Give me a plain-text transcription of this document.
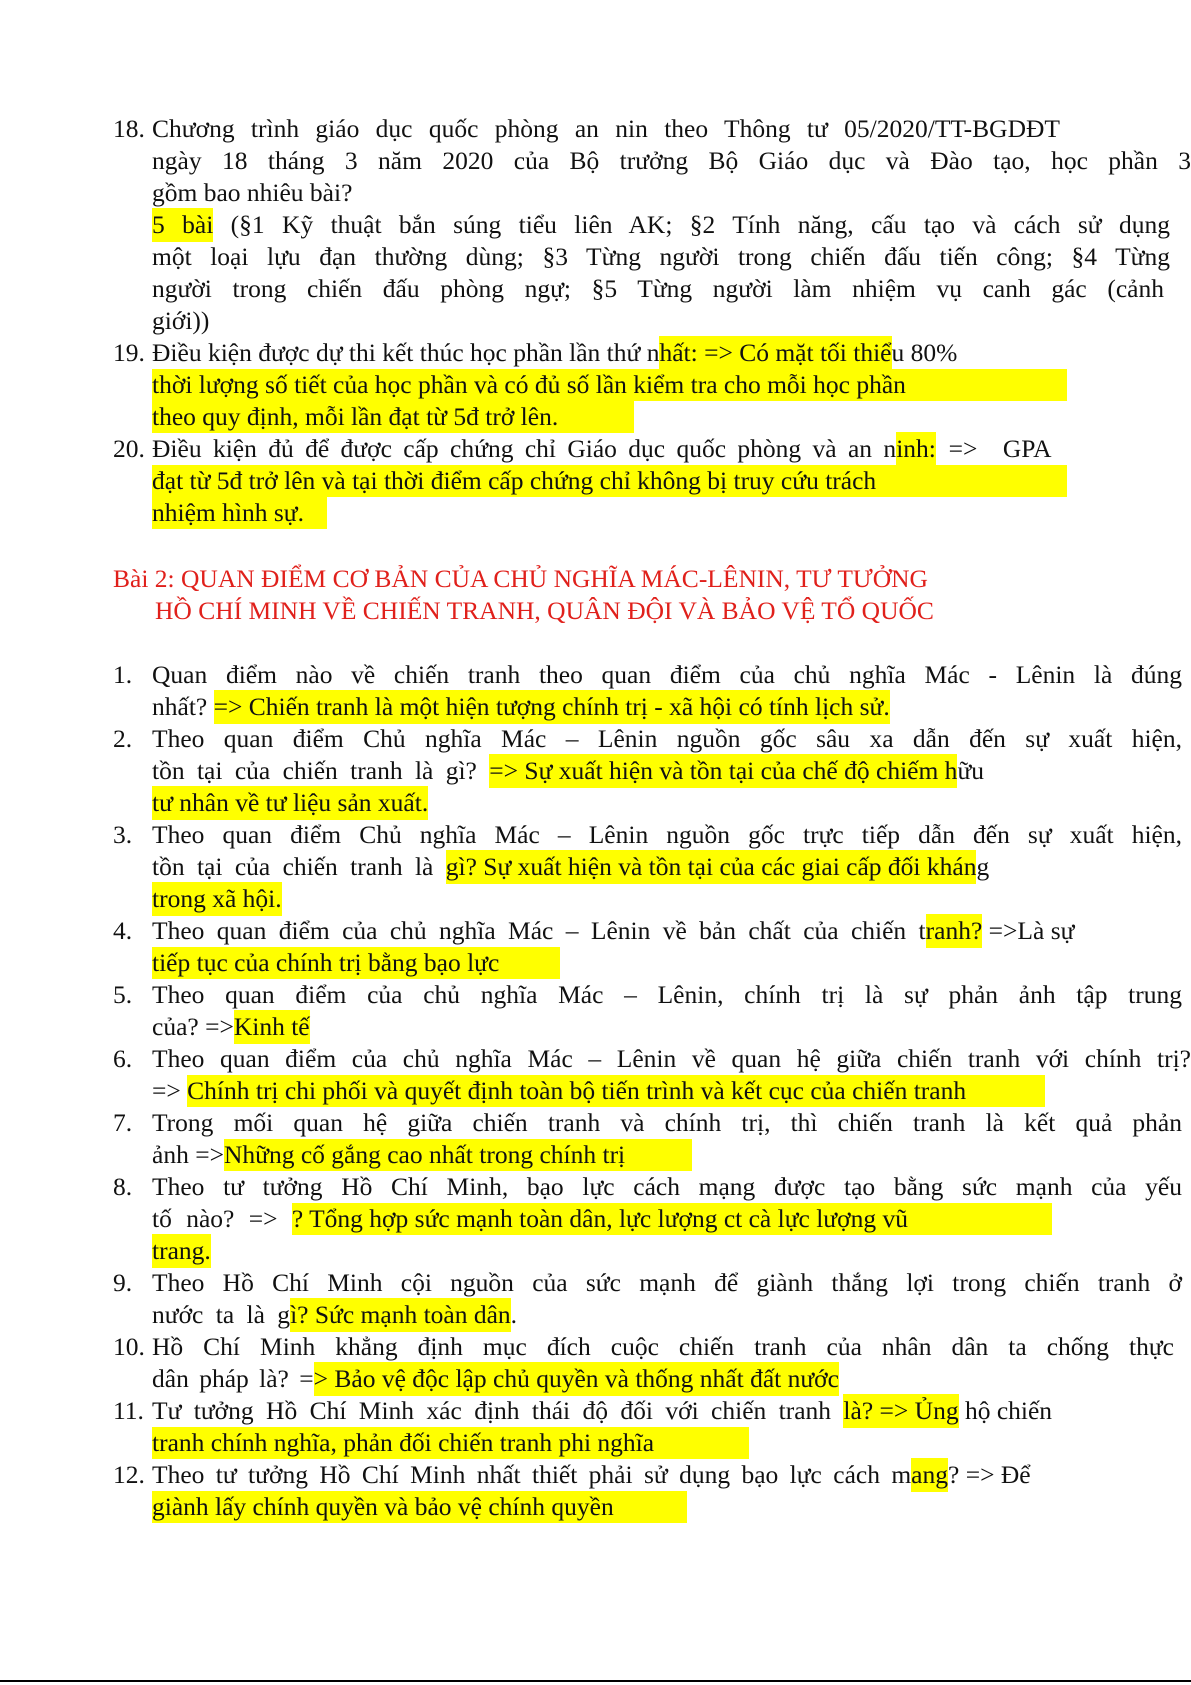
18. Chương trình giáo dục quốc phòng an nin theo Thông tư 05/2020/TT-BGDĐT
ngày 18 tháng 3 năm 2020 của Bộ trưởng Bộ Giáo dục và Đào tạo, học phần 3
gồm bao nhiêu bài?
5 bài (§1 Kỹ thuật bắn súng tiểu liên AK; §2 Tính năng, cấu tạo và cách sử dụng
một loại lựu đạn thường dùng; §3 Từng người trong chiến đấu tiến công; §4 Từng
người trong chiến đấu phòng ngự; §5 Từng người làm nhiệm vụ canh gác (cảnh
giới))
19. Điều kiện được dự thi kết thúc học phần lần thứ nhất: => Có mặt tối thiểu 80%
thời lượng số tiết của học phần và có đủ số lần kiểm tra cho mỗi học phần
theo quy định, mỗi lần đạt từ 5đ trở lên.
20. Điều kiện đủ để được cấp chứng chỉ Giáo dục quốc phòng và an ninh:  =>    GPA
đạt từ 5đ trở lên và tại thời điểm cấp chứng chỉ không bị truy cứu trách
nhiệm hình sự.
Bài 2: QUAN ĐIỂM CƠ BẢN CỦA CHỦ NGHĨA MÁC-LÊNIN, TƯ TƯỞNG
HỒ CHÍ MINH VỀ CHIẾN TRANH, QUÂN ĐỘI VÀ BẢO VỆ TỔ QUỐC
1. Quan điểm nào về chiến tranh theo quan điểm của chủ nghĩa Mác - Lênin là đúng
nhất? => Chiến tranh là một hiện tượng chính trị - xã hội có tính lịch sử.
2. Theo quan điểm Chủ nghĩa Mác – Lênin nguồn gốc sâu xa dẫn đến sự xuất hiện,
tồn tại của chiến tranh là gì? => Sự xuất hiện và tồn tại của chế độ chiếm hữu
tư nhân về tư liệu sản xuất.
3. Theo quan điểm Chủ nghĩa Mác – Lênin nguồn gốc trực tiếp dẫn đến sự xuất hiện,
tồn tại của chiến tranh là gì? Sự xuất hiện và tồn tại của các giai cấp đối kháng
trong xã hội.
4. Theo quan điểm của chủ nghĩa Mác – Lênin về bản chất của chiến tranh? =>Là sự
tiếp tục của chính trị bằng bạo lực
5. Theo quan điểm của chủ nghĩa Mác – Lênin, chính trị là sự phản ảnh tập trung
của? =>Kinh tế
6. Theo quan điểm của chủ nghĩa Mác – Lênin về quan hệ giữa chiến tranh với chính trị?
=> Chính trị chi phối và quyết định toàn bộ tiến trình và kết cục của chiến tranh
7. Trong mối quan hệ giữa chiến tranh và chính trị, thì chiến tranh là kết quả phản
ảnh =>Những cố gắng cao nhất trong chính trị
8. Theo tư tưởng Hồ Chí Minh, bạo lực cách mạng được tạo bằng sức mạnh của yếu
tố nào? => ? Tổng hợp sức mạnh toàn dân, lực lượng ct cà lực lượng vũ
trang.
9. Theo Hồ Chí Minh cội nguồn của sức mạnh để giành thắng lợi trong chiến tranh ở
nước ta là gì? Sức mạnh toàn dân.
10. Hồ Chí Minh khẳng định mục đích cuộc chiến tranh của nhân dân ta chống thực
dân pháp là? => Bảo vệ độc lập chủ quyền và thống nhất đất nước
11. Tư tưởng Hồ Chí Minh xác định thái độ đối với chiến tranh là? => Ủng hộ chiến
tranh chính nghĩa, phản đối chiến tranh phi nghĩa
12. Theo tư tưởng Hồ Chí Minh nhất thiết phải sử dụng bạo lực cách mang? => Để
giành lấy chính quyền và bảo vệ chính quyền
